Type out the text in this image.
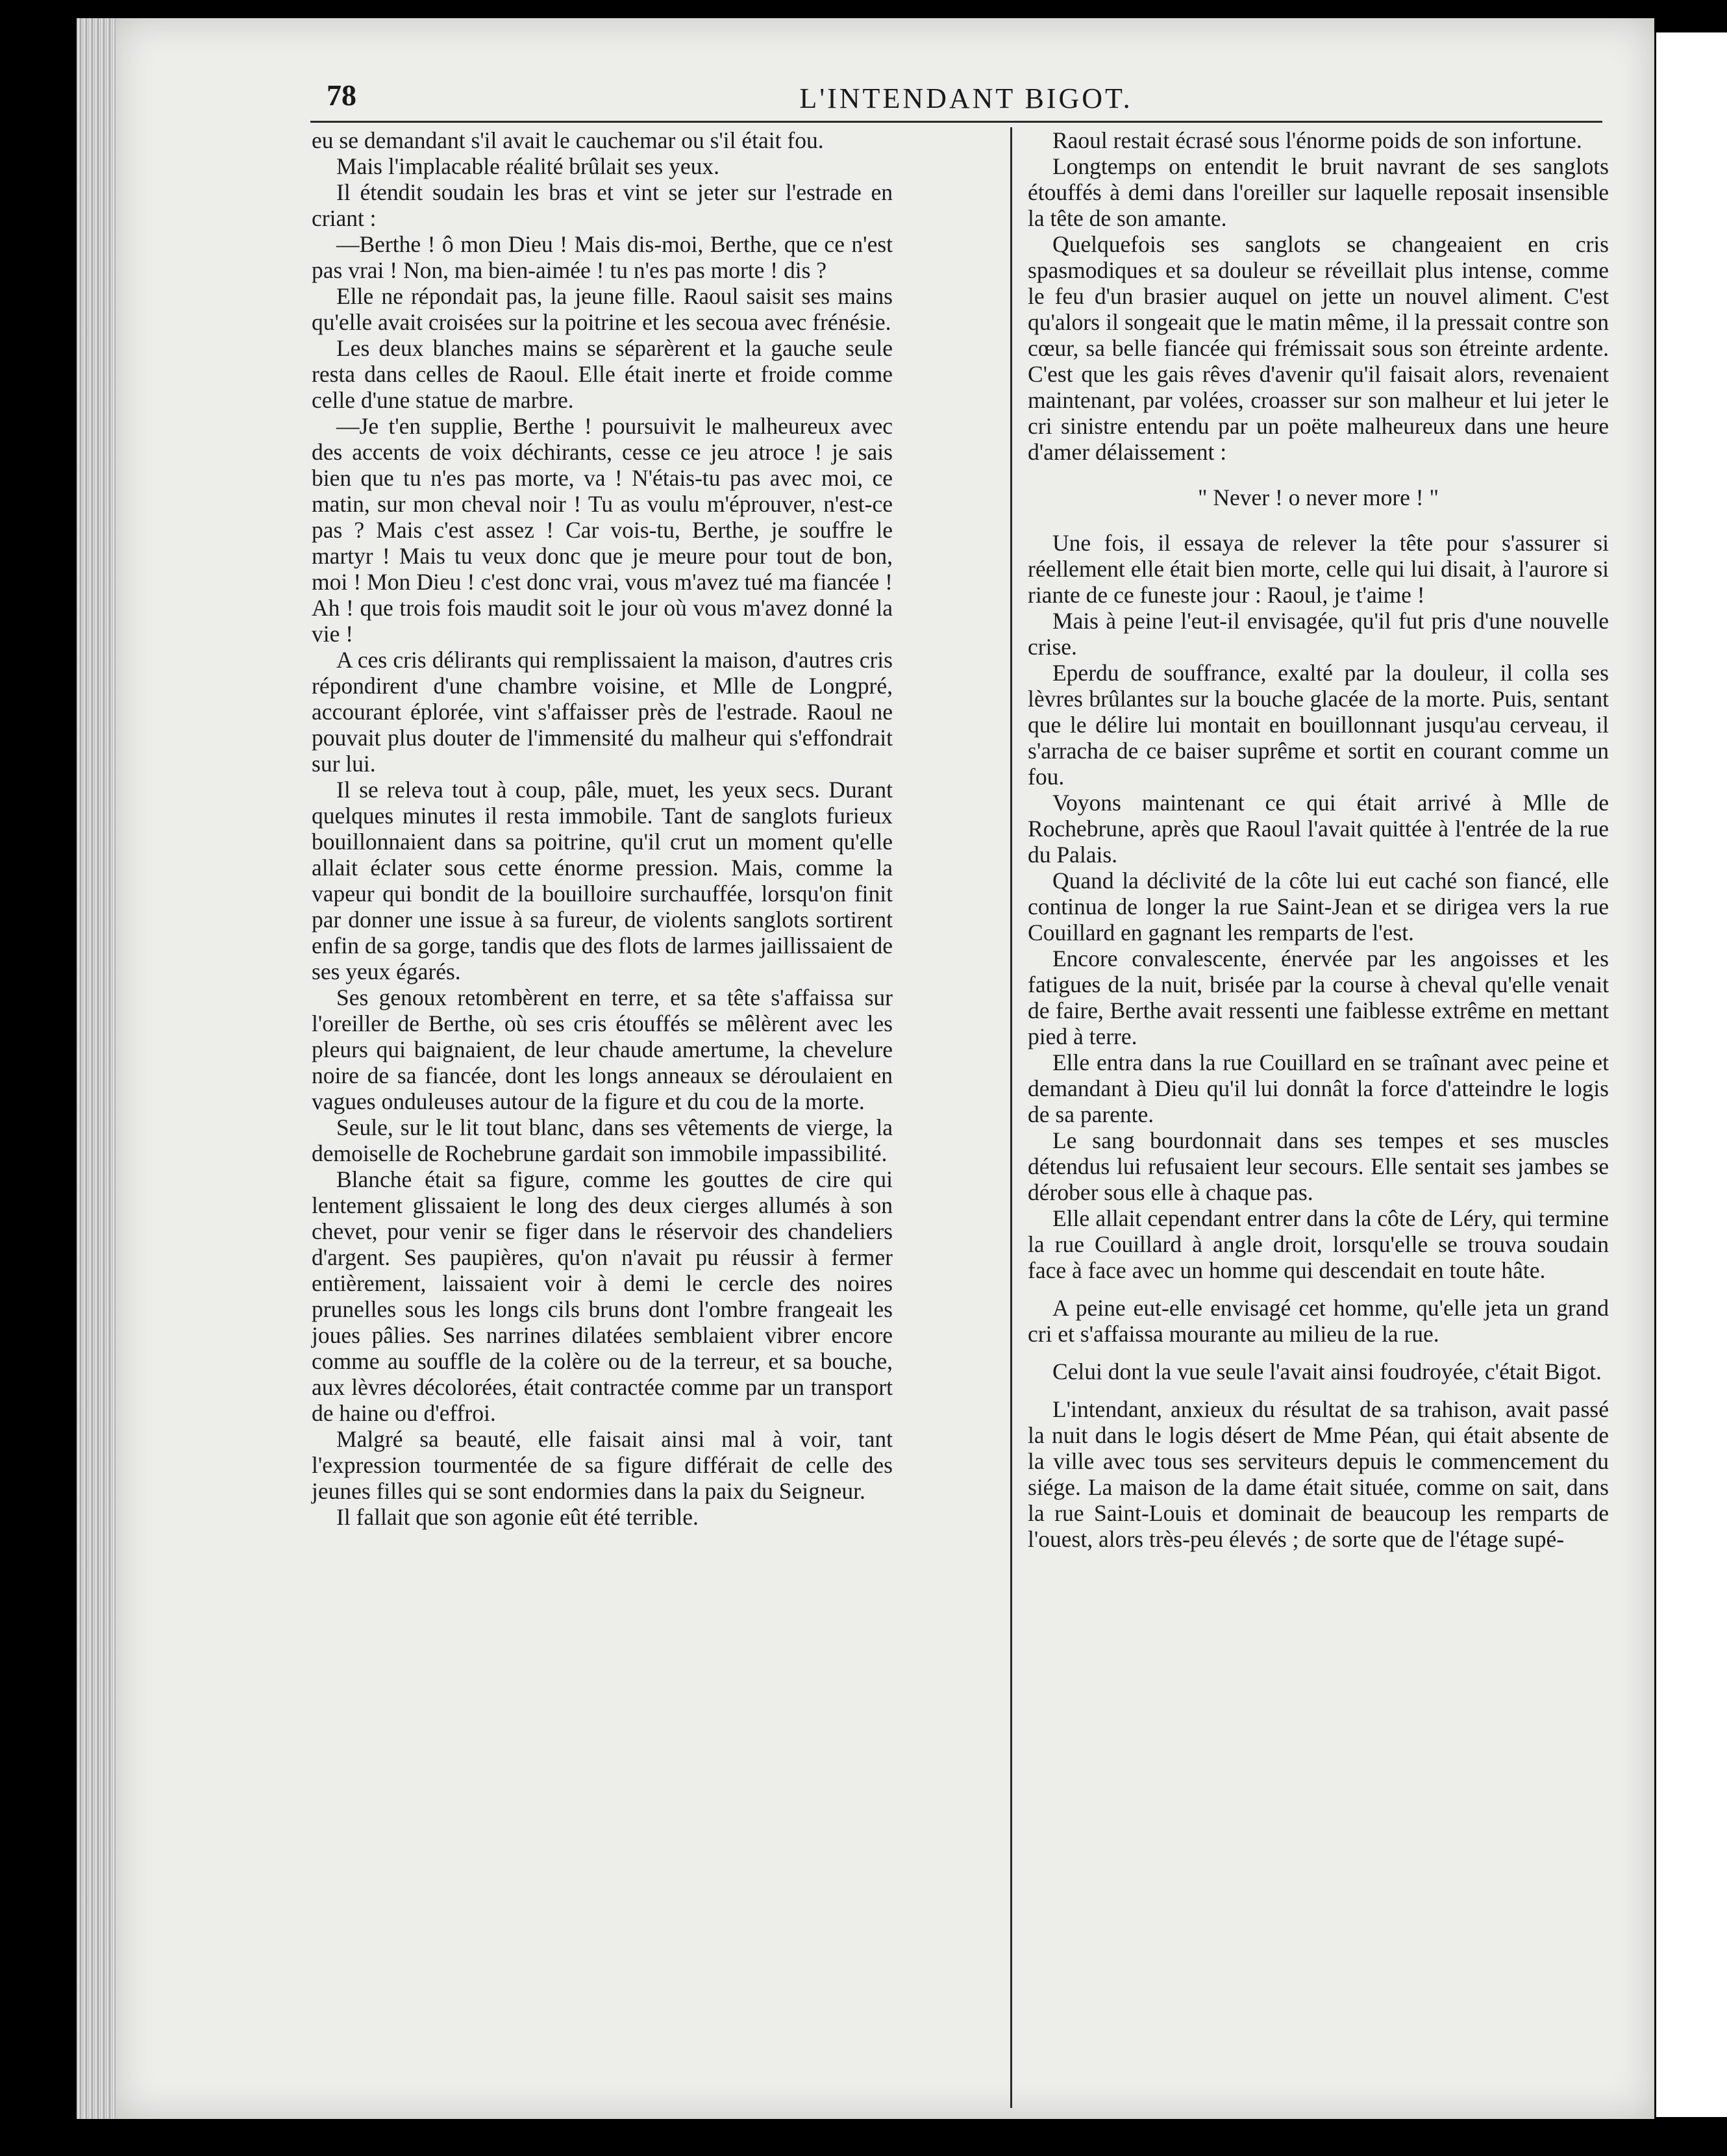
78	L'INTENDANT BIGOT.

eu se demandant s'il avait le cauchemar ou s'il était fou.

Mais l'implacable réalité brûlait ses yeux.

Il étendit soudain les bras et vint se jeter sur l'estrade en criant :

—Berthe ! ô mon Dieu ! Mais dis-moi, Berthe, que ce n'est pas vrai ! Non, ma bien-aimée ! tu n'es pas morte ! dis ?

Elle ne répondait pas, la jeune fille. Raoul saisit ses mains qu'elle avait croisées sur la poitrine et les secoua avec frénésie.

Les deux blanches mains se séparèrent et la gauche seule resta dans celles de Raoul. Elle était inerte et froide comme celle d'une statue de marbre.

—Je t'en supplie, Berthe ! poursuivit le malheureux avec des accents de voix déchirants, cesse ce jeu atroce ! je sais bien que tu n'es pas morte, va ! N'étais-tu pas avec moi, ce matin, sur mon cheval noir ! Tu as voulu m'éprouver, n'est-ce pas ? Mais c'est assez ! Car vois-tu, Berthe, je souffre le martyr ! Mais tu veux donc que je meure pour tout de bon, moi ! Mon Dieu ! c'est donc vrai, vous m'avez tué ma fiancée ! Ah ! que trois fois maudit soit le jour où vous m'avez donné la vie !

A ces cris délirants qui remplissaient la maison, d'autres cris répondirent d'une chambre voisine, et Mlle de Longpré, accourant éplorée, vint s'affaisser près de l'estrade. Raoul ne pouvait plus douter de l'immensité du malheur qui s'effondrait sur lui.

Il se releva tout à coup, pâle, muet, les yeux secs. Durant quelques minutes il resta immobile. Tant de sanglots furieux bouillonnaient dans sa poitrine, qu'il crut un moment qu'elle allait éclater sous cette énorme pression. Mais, comme la vapeur qui bondit de la bouilloire surchauffée, lorsqu'on finit par donner une issue à sa fureur, de violents sanglots sortirent enfin de sa gorge, tandis que des flots de larmes jaillissaient de ses yeux égarés.

Ses genoux retombèrent en terre, et sa tête s'affaissa sur l'oreiller de Berthe, où ses cris étouffés se mêlèrent avec les pleurs qui baignaient, de leur chaude amertume, la chevelure noire de sa fiancée, dont les longs anneaux se déroulaient en vagues onduleuses autour de la figure et du cou de la morte.

Seule, sur le lit tout blanc, dans ses vêtements de vierge, la demoiselle de Rochebrune gardait son immobile impassibilité.

Blanche était sa figure, comme les gouttes de cire qui lentement glissaient le long des deux cierges allumés à son chevet, pour venir se figer dans le réservoir des chandeliers d'argent. Ses paupières, qu'on n'avait pu réussir à fermer entièrement, laissaient voir à demi le cercle des noires prunelles sous les longs cils bruns dont l'ombre frangeait les joues pâlies. Ses narrines dilatées semblaient vibrer encore comme au souffle de la colère ou de la terreur, et sa bouche, aux lèvres décolorées, était contractée comme par un transport de haine ou d'effroi.

Malgré sa beauté, elle faisait ainsi mal à voir, tant l'expression tourmentée de sa figure différait de celle des jeunes filles qui se sont endormies dans la paix du Seigneur.

Il fallait que son agonie eût été terrible.

Raoul restait écrasé sous l'énorme poids de son infortune.

Longtemps on entendit le bruit navrant de ses sanglots étouffés à demi dans l'oreiller sur laquelle reposait insensible la tête de son amante.

Quelquefois ses sanglots se changeaient en cris spasmodiques et sa douleur se réveillait plus intense, comme le feu d'un brasier auquel on jette un nouvel aliment. C'est qu'alors il songeait que le matin même, il la pressait contre son cœur, sa belle fiancée qui frémissait sous son étreinte ardente. C'est que les gais rêves d'avenir qu'il faisait alors, revenaient maintenant, par volées, croasser sur son malheur et lui jeter le cri sinistre entendu par un poëte malheureux dans une heure d'amer délaissement :

" Never ! o never more ! "

Une fois, il essaya de relever la tête pour s'assurer si réellement elle était bien morte, celle qui lui disait, à l'aurore si riante de ce funeste jour : Raoul, je t'aime !

Mais à peine l'eut-il envisagée, qu'il fut pris d'une nouvelle crise.

Eperdu de souffrance, exalté par la douleur, il colla ses lèvres brûlantes sur la bouche glacée de la morte. Puis, sentant que le délire lui montait en bouillonnant jusqu'au cerveau, il s'arracha de ce baiser suprême et sortit en courant comme un fou.

Voyons maintenant ce qui était arrivé à Mlle de Rochebrune, après que Raoul l'avait quittée à l'entrée de la rue du Palais.

Quand la déclivité de la côte lui eut caché son fiancé, elle continua de longer la rue Saint-Jean et se dirigea vers la rue Couillard en gagnant les remparts de l'est.

Encore convalescente, énervée par les angoisses et les fatigues de la nuit, brisée par la course à cheval qu'elle venait de faire, Berthe avait ressenti une faiblesse extrême en mettant pied à terre.

Elle entra dans la rue Couillard en se traînant avec peine et demandant à Dieu qu'il lui donnât la force d'atteindre le logis de sa parente.

Le sang bourdonnait dans ses tempes et ses muscles détendus lui refusaient leur secours. Elle sentait ses jambes se dérober sous elle à chaque pas.

Elle allait cependant entrer dans la côte de Léry, qui termine la rue Couillard à angle droit, lorsqu'elle se trouva soudain face à face avec un homme qui descendait en toute hâte.

A peine eut-elle envisagé cet homme, qu'elle jeta un grand cri et s'affaissa mourante au milieu de la rue.

Celui dont la vue seule l'avait ainsi foudroyée, c'était Bigot.

L'intendant, anxieux du résultat de sa trahison, avait passé la nuit dans le logis désert de Mme Péan, qui était absente de la ville avec tous ses serviteurs depuis le commencement du siége. La maison de la dame était située, comme on sait, dans la rue Saint-Louis et dominait de beaucoup les remparts de l'ouest, alors très-peu élevés ; de sorte que de l'étage supé-
